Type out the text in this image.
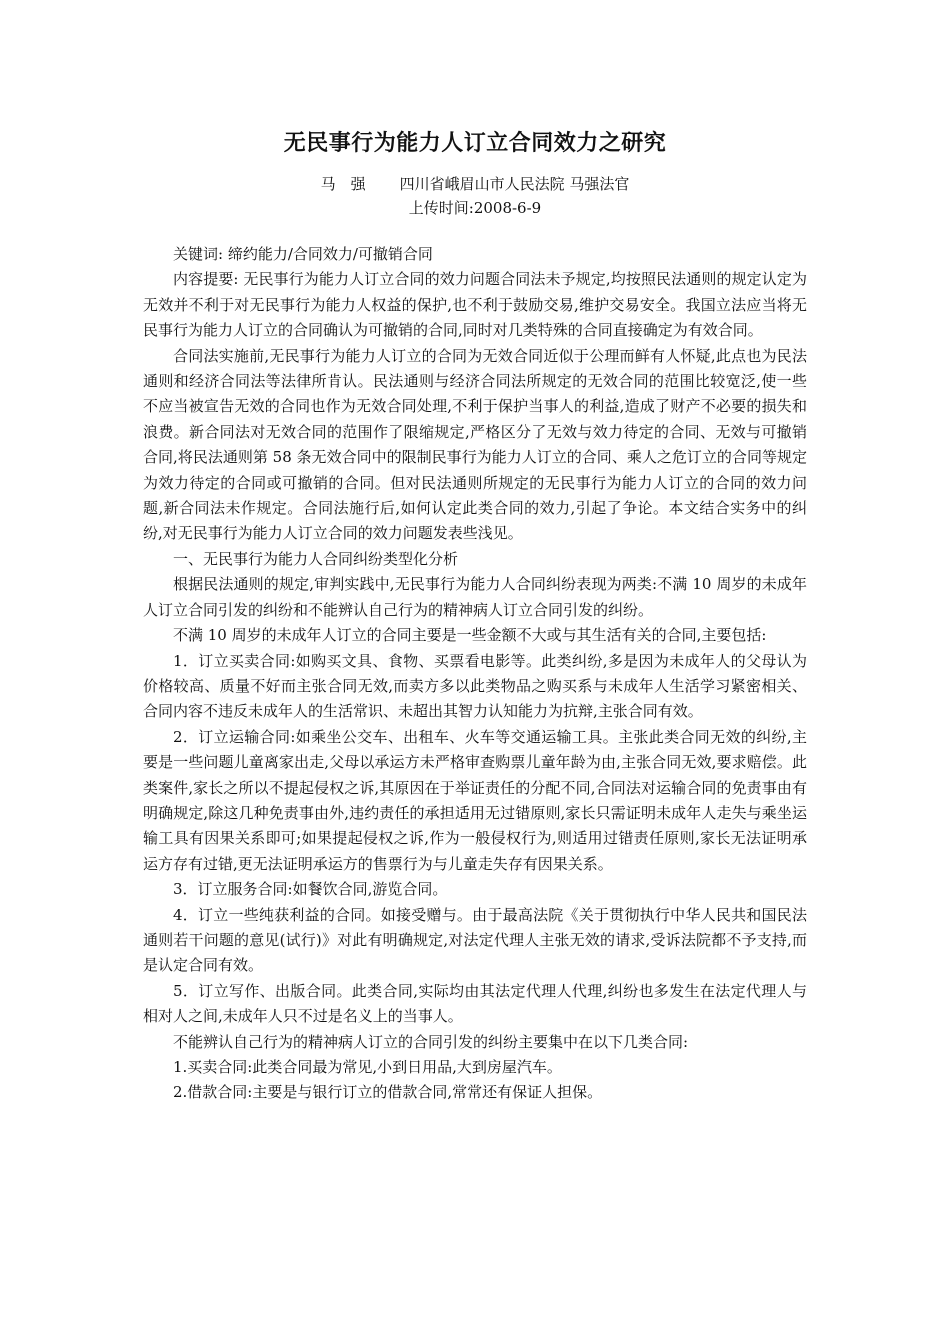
无民事行为能力人订立合同效力之研究
马　强 四川省峨眉山市人民法院 马强法官
上传时间:2008-6-9

关键词: 缔约能力/合同效力/可撤销合同

内容提要: 无民事行为能力人订立合同的效力问题合同法未予规定,均按照民法通则的规定认定为无效并不利于对无民事行为能力人权益的保护,也不利于鼓励交易,维护交易安全。我国立法应当将无民事行为能力人订立的合同确认为可撤销的合同,同时对几类特殊的合同直接确定为有效合同。

合同法实施前,无民事行为能力人订立的合同为无效合同近似于公理而鲜有人怀疑,此点也为民法通则和经济合同法等法律所肯认。民法通则与经济合同法所规定的无效合同的范围比较宽泛,使一些不应当被宣告无效的合同也作为无效合同处理,不利于保护当事人的利益,造成了财产不必要的损失和浪费。新合同法对无效合同的范围作了限缩规定,严格区分了无效与效力待定的合同、无效与可撤销合同,将民法通则第 58 条无效合同中的限制民事行为能力人订立的合同、乘人之危订立的合同等规定为效力待定的合同或可撤销的合同。但对民法通则所规定的无民事行为能力人订立的合同的效力问题,新合同法未作规定。合同法施行后,如何认定此类合同的效力,引起了争论。本文结合实务中的纠纷,对无民事行为能力人订立合同的效力问题发表些浅见。

一、无民事行为能力人合同纠纷类型化分析

根据民法通则的规定,审判实践中,无民事行为能力人合同纠纷表现为两类:不满 10 周岁的未成年人订立合同引发的纠纷和不能辨认自己行为的精神病人订立合同引发的纠纷。

不满 10 周岁的未成年人订立的合同主要是一些金额不大或与其生活有关的合同,主要包括:

1．订立买卖合同:如购买文具、食物、买票看电影等。此类纠纷,多是因为未成年人的父母认为价格较高、质量不好而主张合同无效,而卖方多以此类物品之购买系与未成年人生活学习紧密相关、合同内容不违反未成年人的生活常识、未超出其智力认知能力为抗辩,主张合同有效。

2．订立运输合同:如乘坐公交车、出租车、火车等交通运输工具。主张此类合同无效的纠纷,主要是一些问题儿童离家出走,父母以承运方未严格审查购票儿童年龄为由,主张合同无效,要求赔偿。此类案件,家长之所以不提起侵权之诉,其原因在于举证责任的分配不同,合同法对运输合同的免责事由有明确规定,除这几种免责事由外,违约责任的承担适用无过错原则,家长只需证明未成年人走失与乘坐运输工具有因果关系即可;如果提起侵权之诉,作为一般侵权行为,则适用过错责任原则,家长无法证明承运方存有过错,更无法证明承运方的售票行为与儿童走失存有因果关系。

3．订立服务合同:如餐饮合同,游览合同。

4．订立一些纯获利益的合同。如接受赠与。由于最高法院《关于贯彻执行中华人民共和国民法通则若干问题的意见(试行)》对此有明确规定,对法定代理人主张无效的请求,受诉法院都不予支持,而是认定合同有效。

5．订立写作、出版合同。此类合同,实际均由其法定代理人代理,纠纷也多发生在法定代理人与相对人之间,未成年人只不过是名义上的当事人。

不能辨认自己行为的精神病人订立的合同引发的纠纷主要集中在以下几类合同:

1.买卖合同:此类合同最为常见,小到日用品,大到房屋汽车。

2.借款合同:主要是与银行订立的借款合同,常常还有保证人担保。
